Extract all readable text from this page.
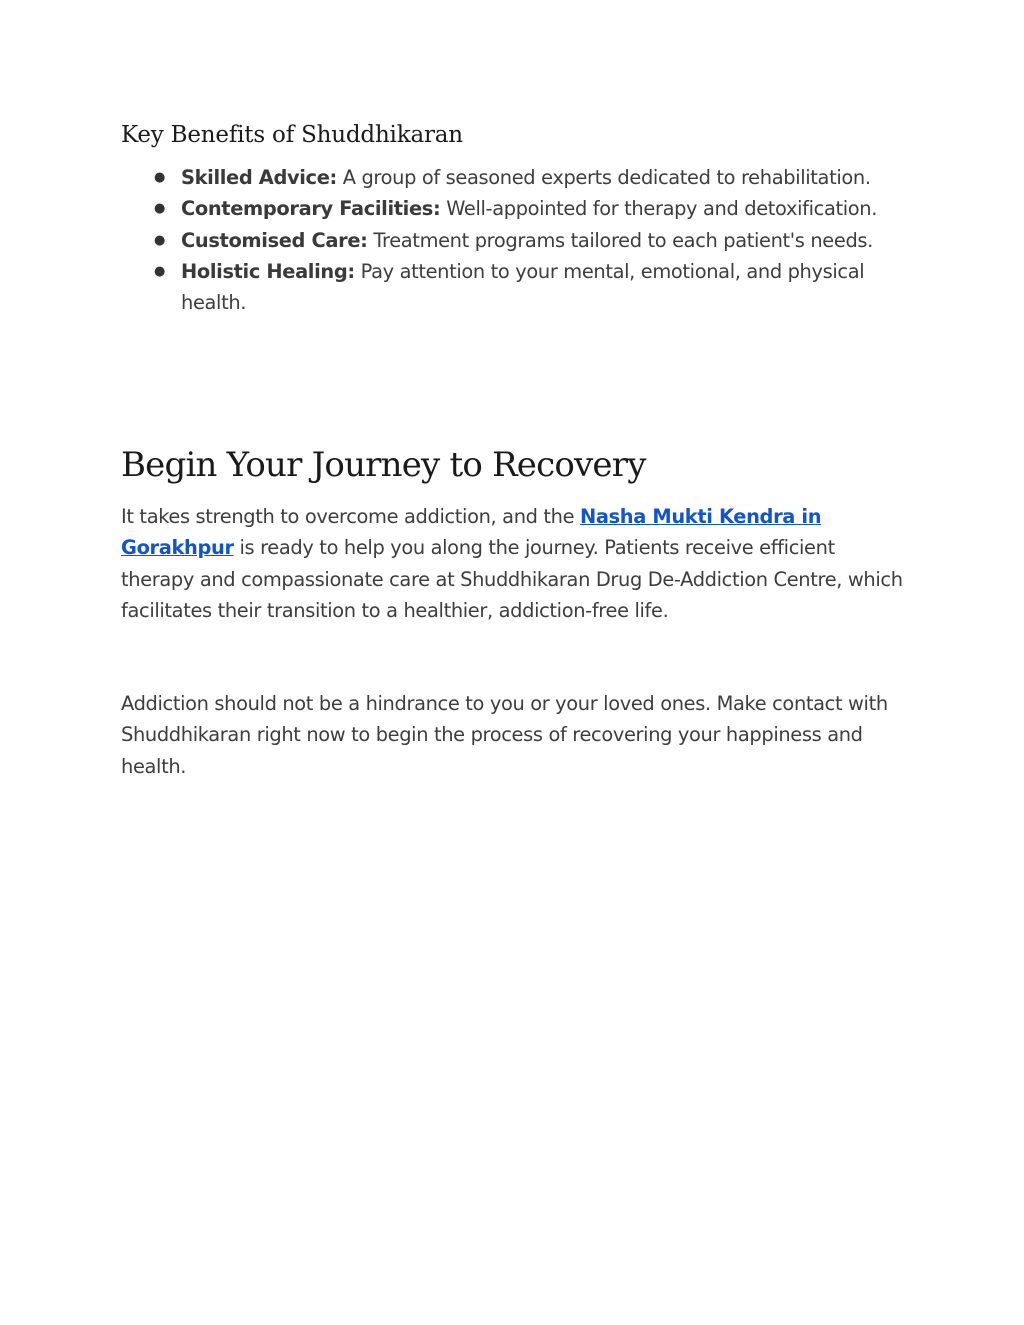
Key Benefits of Shuddhikaran
● Skilled Advice: A group of seasoned experts dedicated to rehabilitation.
● Contemporary Facilities: Well-appointed for therapy and detoxification.
● Customised Care: Treatment programs tailored to each patient's needs.
● Holistic Healing: Pay attention to your mental, emotional, and physical health.
Begin Your Journey to Recovery

It takes strength to overcome addiction, and the Nasha Mukti Kendra in Gorakhpur is ready to help you along the journey. Patients receive efficient therapy and compassionate care at Shuddhikaran Drug De-Addiction Centre, which facilitates their transition to a healthier, addiction-free life.

Addiction should not be a hindrance to you or your loved ones. Make contact with Shuddhikaran right now to begin the process of recovering your happiness and health.
